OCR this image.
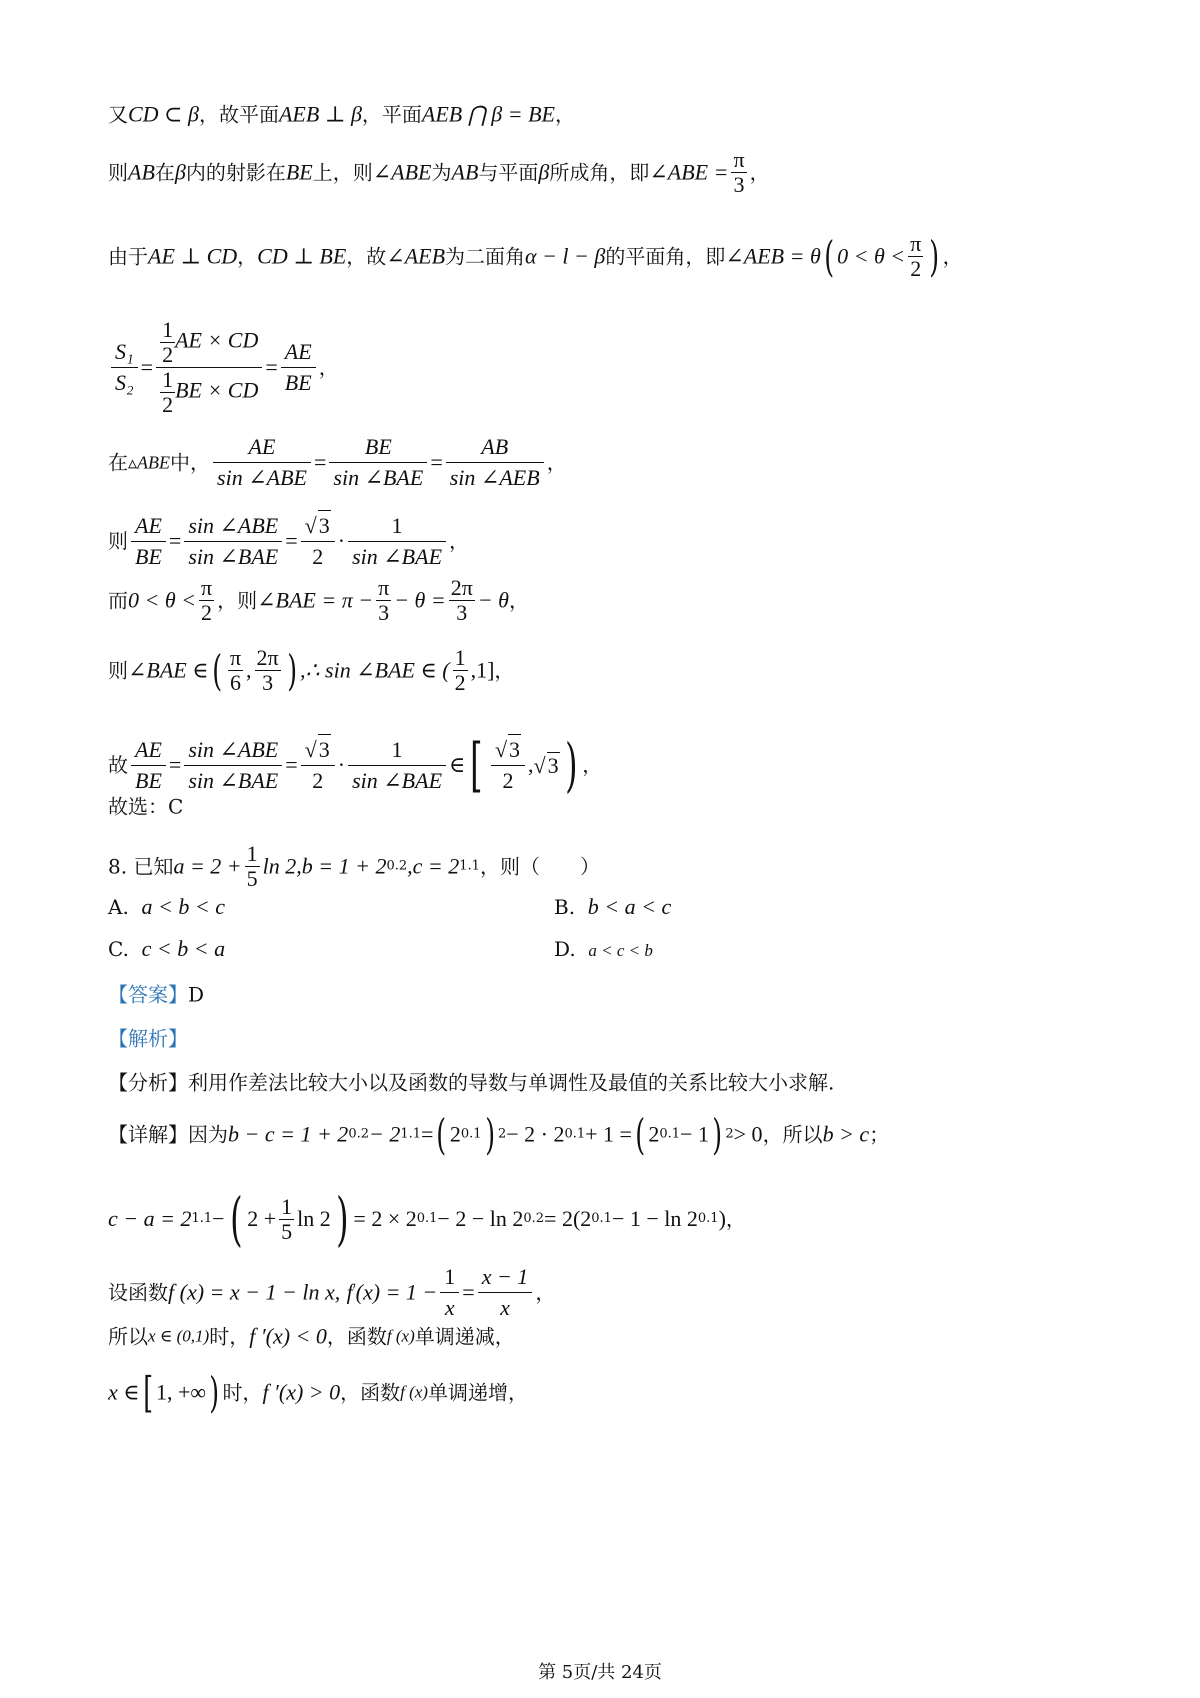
又CD ⊂ β，故平面AEB ⊥ β，平面AEB ⋂ β = BE，
则AB在β内的射影在BE上，则∠ABE为AB与平面β所成角，即∠ABE = $\frac{\pi}{3}$ ，
由于AE ⊥ CD，CD ⊥ BE，故∠AEB为二面角α − l − β的平面角，即∠AEB = θ( $0 < \theta < \frac{\pi}{2}$ ) ，
$\frac{\text{S₁}}{\text{S₂}} = \frac{\frac{1}{2} AE \times CD}{\frac{1}{2} BE \times CD} = \frac{AE}{BE}$ ，
在▵ABE中， $\frac{AE}{\text{sin ∠ABE}} = \frac{BE}{\text{sin ∠BAE}} = \frac{AB}{\text{sin ∠AEB}}$ ，
则 $\frac{AE}{BE} = \frac{\text{sin ∠ABE}}{\text{sin ∠BAE}} = \frac{√3}{2} \cdot \frac{1}{\text{sin ∠BAE}}$ ，
而$0 < \theta < \frac{\pi}{2}$ ，则∠BAE = $\pi - \frac{\pi}{3} - \theta = \frac{2\pi}{3} - \theta$，
则∠BAE ∈( $\frac{\pi}{6}$ , $\frac{2\pi}{3}$ ) ,∴ sin ∠BAE ∈ ( $\frac{1}{2} ,1$]，
故 $\frac{AE}{BE} = \frac{\text{sin ∠ABE}}{\text{sin ∠BAE}} = \frac{√3}{2} \cdot \frac{1}{\text{sin ∠BAE}}$ ∈[ $\frac{√3}{2} ,√3$ ) ，
故选：C
8. 已知$a = 2 + \frac{1}{5}$ ln 2,b = 1 + 20.2,c = 21.1，则（　　）
A. a < b < c	B. b < a < c
C. c < b < a	D. a < c < b
【答案】D
【解析】
【分析】利用作差法比较大小以及函数的导数与单调性及最值的关系比较大小求解.
【详解】因为b − c = 1 + 20.2− 21.1=( 20.1) 2− 2 · 20.1+ 1 =( 20.1− 1) 2> 0，所以b > c；
c − a = 21.1−( $2 + \frac{1}{5}$ ln 2) = 2 × 20.1− 2 − ln 20.2= 2(20.1− 1 − ln 20.1)，
设函数f (x) = x − 1 − ln x, $f'(x) = 1 - \frac{1}{x} = \frac{x - 1}{x}$ ，
所以x ∈ (0,1)时，f ′(x) < 0，函数f (x)单调递减，
x ∈[ 1, +∞) 时，f ′(x) > 0，函数f (x)单调递增，
第 5页/共 24页
